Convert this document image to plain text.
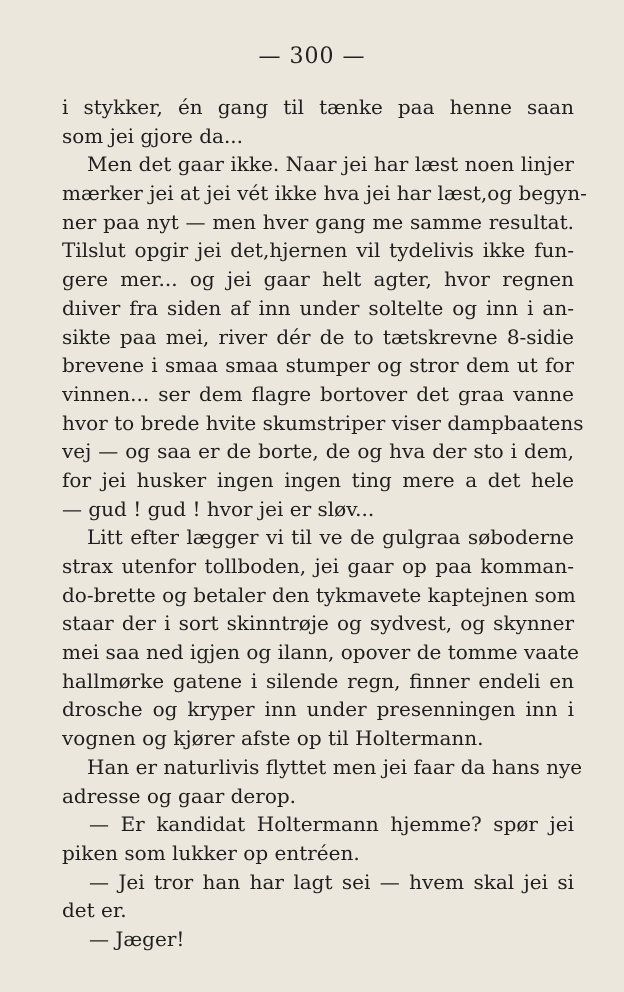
— 300 —
i stykker, én gang til tænke paa henne saan
som jei gjore da...
Men det gaar ikke. Naar jei har læst noen linjer
mærker jei at jei vét ikke hva jei har læst,og begyn-
ner paa nyt — men hver gang me samme resultat.
Tilslut opgir jei det,hjernen vil tydelivis ikke fun-
gere mer... og jei gaar helt agter, hvor regnen
dıiver fra siden af inn under soltelte og inn i an-
sikte paa mei, river dér de to tætskrevne 8-sidie
brevene i smaa smaa stumper og stror dem ut for
vinnen... ser dem flagre bortover det graa vanne
hvor to brede hvite skumstriper viser dampbaatens
vej — og saa er de borte, de og hva der sto i dem,
for jei husker ingen ingen ting mere a det hele
— gud ! gud ! hvor jei er sløv...
Litt efter lægger vi til ve de gulgraa søboderne
strax utenfor tollboden, jei gaar op paa komman-
do-brette og betaler den tykmavete kaptejnen som
staar der i sort skinntrøje og sydvest, og skynner
mei saa ned igjen og ilann, opover de tomme vaate
hallmørke gatene i silende regn, finner endeli en
drosche og kryper inn under presenningen inn i
vognen og kjører afste op til Holtermann.
Han er naturlivis flyttet men jei faar da hans nye
adresse og gaar derop.
— Er kandidat Holtermann hjemme? spør jei
piken som lukker op entréen.
— Jei tror han har lagt sei — hvem skal jei si
det er.
— Jæger!
